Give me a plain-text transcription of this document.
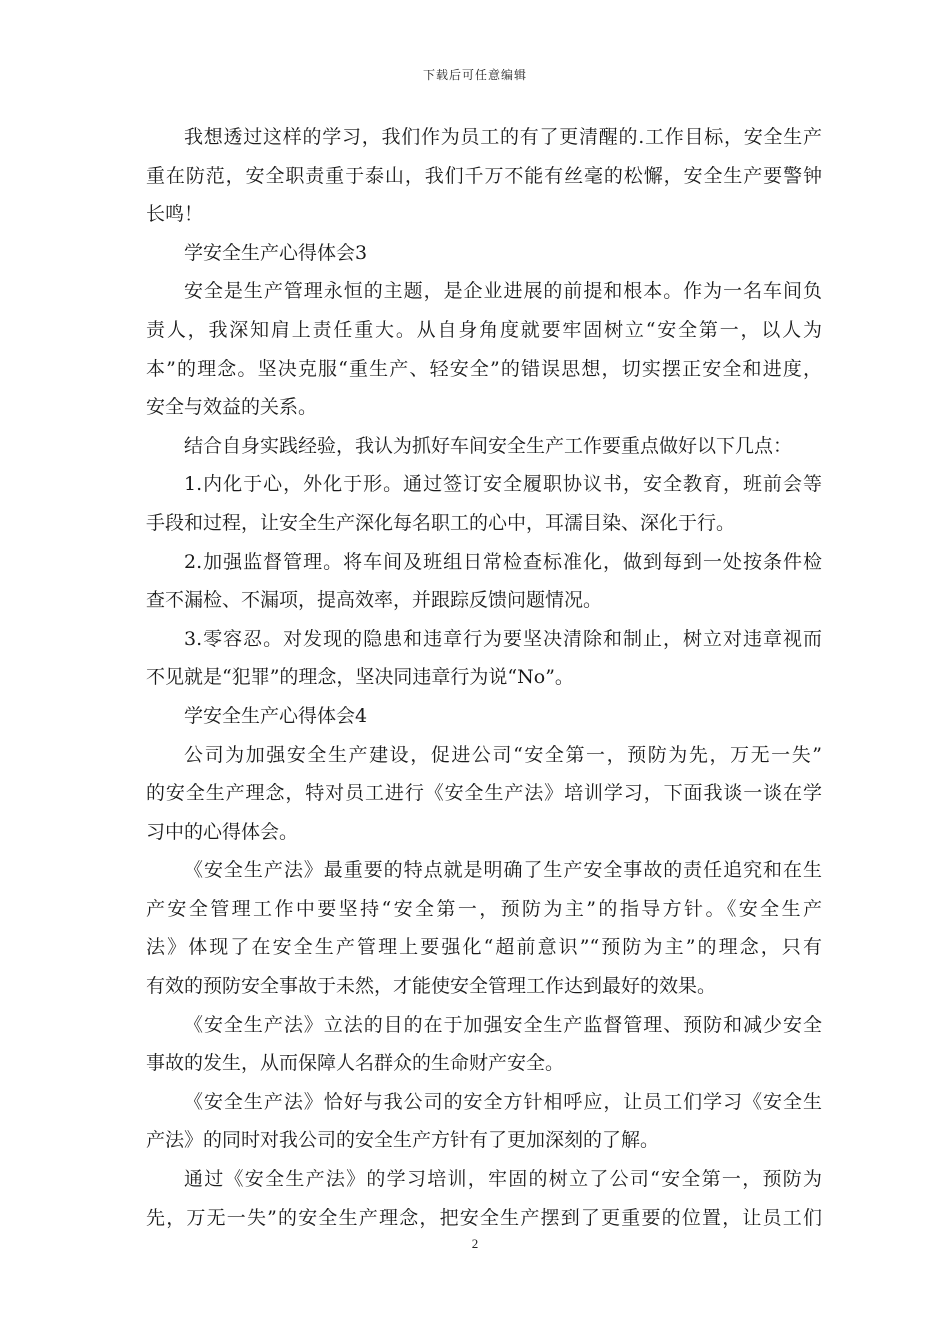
下载后可任意编辑

我想透过这样的学习，我们作为员工的有了更清醒的.工作目标，安全生产
重在防范，安全职责重于泰山，我们千万不能有丝毫的松懈，安全生产要警钟
长鸣！

学安全生产心得体会3

安全是生产管理永恒的主题，是企业进展的前提和根本。作为一名车间负
责人，我深知肩上责任重大。从自身角度就要牢固树立“安全第一，以人为
本”的理念。坚决克服“重生产、轻安全”的错误思想，切实摆正安全和进度，
安全与效益的关系。

结合自身实践经验，我认为抓好车间安全生产工作要重点做好以下几点：

1.内化于心，外化于形。通过签订安全履职协议书，安全教育，班前会等
手段和过程，让安全生产深化每名职工的心中，耳濡目染、深化于行。

2.加强监督管理。将车间及班组日常检查标准化，做到每到一处按条件检
查不漏检、不漏项，提高效率，并跟踪反馈问题情况。

3.零容忍。对发现的隐患和违章行为要坚决清除和制止，树立对违章视而
不见就是“犯罪”的理念，坚决同违章行为说“No”。

学安全生产心得体会4

公司为加强安全生产建设，促进公司“安全第一，预防为先，万无一失”
的安全生产理念，特对员工进行《安全生产法》培训学习，下面我谈一谈在学
习中的心得体会。

《安全生产法》最重要的特点就是明确了生产安全事故的责任追究和在生
产安全管理工作中要坚持“安全第一，预防为主”的指导方针。《安全生产
法》体现了在安全生产管理上要强化“超前意识”“预防为主”的理念，只有
有效的预防安全事故于未然，才能使安全管理工作达到最好的效果。

《安全生产法》立法的目的在于加强安全生产监督管理、预防和减少安全
事故的发生，从而保障人名群众的生命财产安全。

《安全生产法》恰好与我公司的安全方针相呼应，让员工们学习《安全生
产法》的同时对我公司的安全生产方针有了更加深刻的了解。

通过《安全生产法》的学习培训，牢固的树立了公司“安全第一，预防为
先，万无一失”的安全生产理念，把安全生产摆到了更重要的位置，让员工们

2
